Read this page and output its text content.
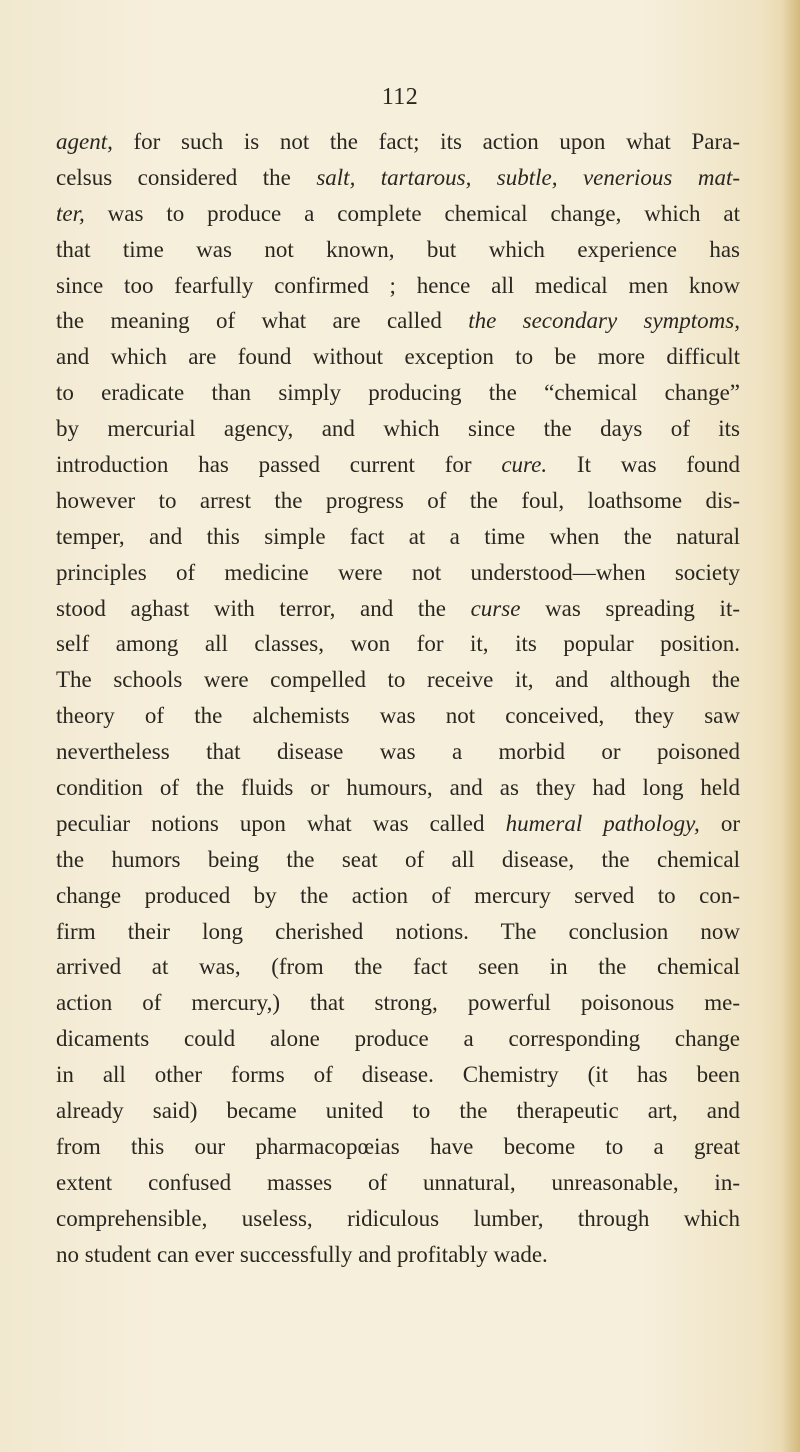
112
agent, for such is not the fact; its action upon what Para-
celsus considered the salt, tartarous, subtle, venerious mat-
ter, was to produce a complete chemical change, which at
that time was not known, but which experience has
since too fearfully confirmed ; hence all medical men know
the meaning of what are called the secondary symptoms,
and which are found without exception to be more difficult
to eradicate than simply producing the “chemical change”
by mercurial agency, and which since the days of its
introduction has passed current for cure. It was found
however to arrest the progress of the foul, loathsome dis-
temper, and this simple fact at a time when the natural
principles of medicine were not understood—when society
stood aghast with terror, and the curse was spreading it-
self among all classes, won for it, its popular position.
The schools were compelled to receive it, and although the
theory of the alchemists was not conceived, they saw
nevertheless that disease was a morbid or poisoned
condition of the fluids or humours, and as they had long held
peculiar notions upon what was called humeral pathology, or
the humors being the seat of all disease, the chemical
change produced by the action of mercury served to con-
firm their long cherished notions. The conclusion now
arrived at was, (from the fact seen in the chemical
action of mercury,) that strong, powerful poisonous me-
dicaments could alone produce a corresponding change
in all other forms of disease. Chemistry (it has been
already said) became united to the therapeutic art, and
from this our pharmacopœias have become to a great
extent confused masses of unnatural, unreasonable, in-
comprehensible, useless, ridiculous lumber, through which
no student can ever successfully and profitably wade.
